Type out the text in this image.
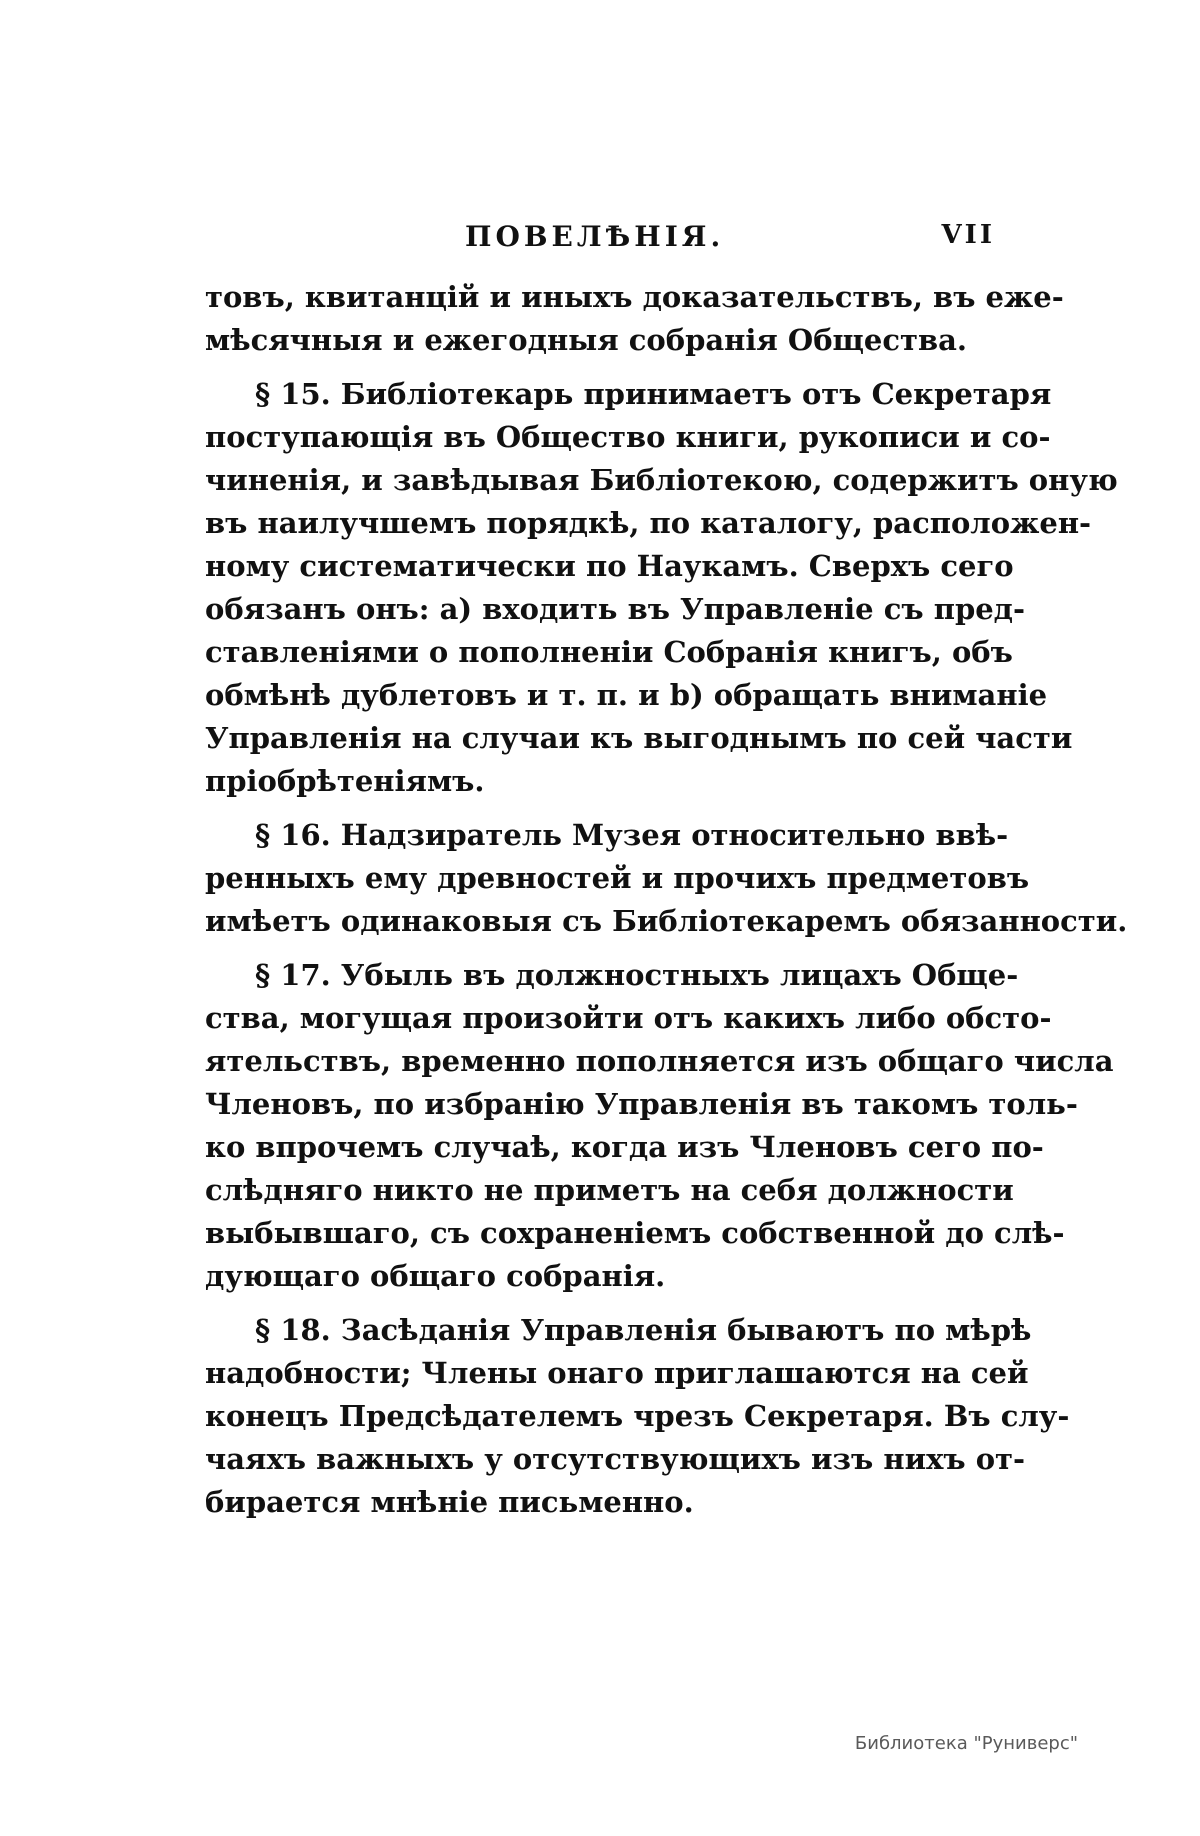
ПОВЕЛѢНIЯ.	VII

товъ, квитанцій и иныхъ доказательствъ, въ еже-
мѣсячныя и ежегодныя собранія Общества.

§ 15. Библіотекарь принимаетъ отъ Секретаря
поступающія въ Общество книги, рукописи и со-
чиненія, и завѣдывая Библіотекою, содержитъ оную
въ наилучшемъ порядкѣ, по каталогу, расположен-
ному систематически по Наукамъ. Сверхъ сего
обязанъ онъ: а) входить въ Управленіе съ пред-
ставленіями о пополненіи Собранія книгъ, объ
обмѣнѣ дублетовъ и т. п. и b) обращать вниманіе
Управленія на случаи къ выгоднымъ по сей части
пріобрѣтеніямъ.

§ 16. Надзиратель Музея относительно ввѣ-
ренныхъ ему древностей и прочихъ предметовъ
имѣетъ одинаковыя съ Библіотекаремъ обязанности.

§ 17. Убыль въ должностныхъ лицахъ Обще-
ства, могущая произойти отъ какихъ либо обсто-
ятельствъ, временно пополняется изъ общаго числа
Членовъ, по избранію Управленія въ такомъ толь-
ко впрочемъ случаѣ, когда изъ Членовъ сего по-
слѣдняго никто не приметъ на себя должности
выбывшаго, съ сохраненіемъ собственной до слѣ-
дующаго общаго собранія.

§ 18. Засѣданія Управленія бываютъ по мѣрѣ
надобности; Члены онаго приглашаются на сей
конецъ Предсѣдателемъ чрезъ Секретаря. Въ слу-
чаяхъ важныхъ у отсутствующихъ изъ нихъ от-
бирается мнѣніе письменно.

Библиотека "Руниверс"
